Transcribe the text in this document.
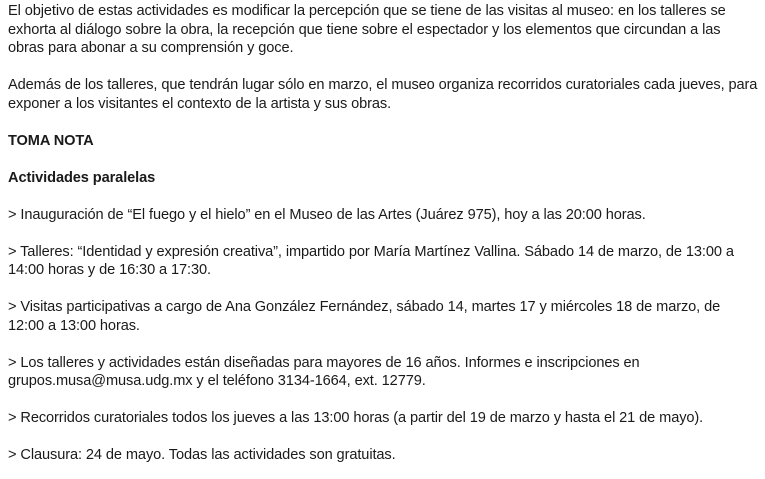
El objetivo de estas actividades es modificar la percepción que se tiene de las visitas al museo: en los talleres se exhorta al diálogo sobre la obra, la recepción que tiene sobre el espectador y los elementos que circundan a las obras para abonar a su comprensión y goce.

Además de los talleres, que tendrán lugar sólo en marzo, el museo organiza recorridos curatoriales cada jueves, para exponer a los visitantes el contexto de la artista y sus obras.

TOMA NOTA

Actividades paralelas

> Inauguración de “El fuego y el hielo” en el Museo de las Artes (Juárez 975), hoy a las 20:00 horas.

> Talleres: “Identidad y expresión creativa”, impartido por María Martínez Vallina. Sábado 14 de marzo, de 13:00 a 14:00 horas y de 16:30 a 17:30.

> Visitas participativas a cargo de Ana González Fernández, sábado 14, martes 17 y miércoles 18 de marzo, de 12:00 a 13:00 horas.

> Los talleres y actividades están diseñadas para mayores de 16 años. Informes e inscripciones en grupos.musa@musa.udg.mx y el teléfono 3134-1664, ext. 12779.

> Recorridos curatoriales todos los jueves a las 13:00 horas (a partir del 19 de marzo y hasta el 21 de mayo).

> Clausura: 24 de mayo. Todas las actividades son gratuitas.
